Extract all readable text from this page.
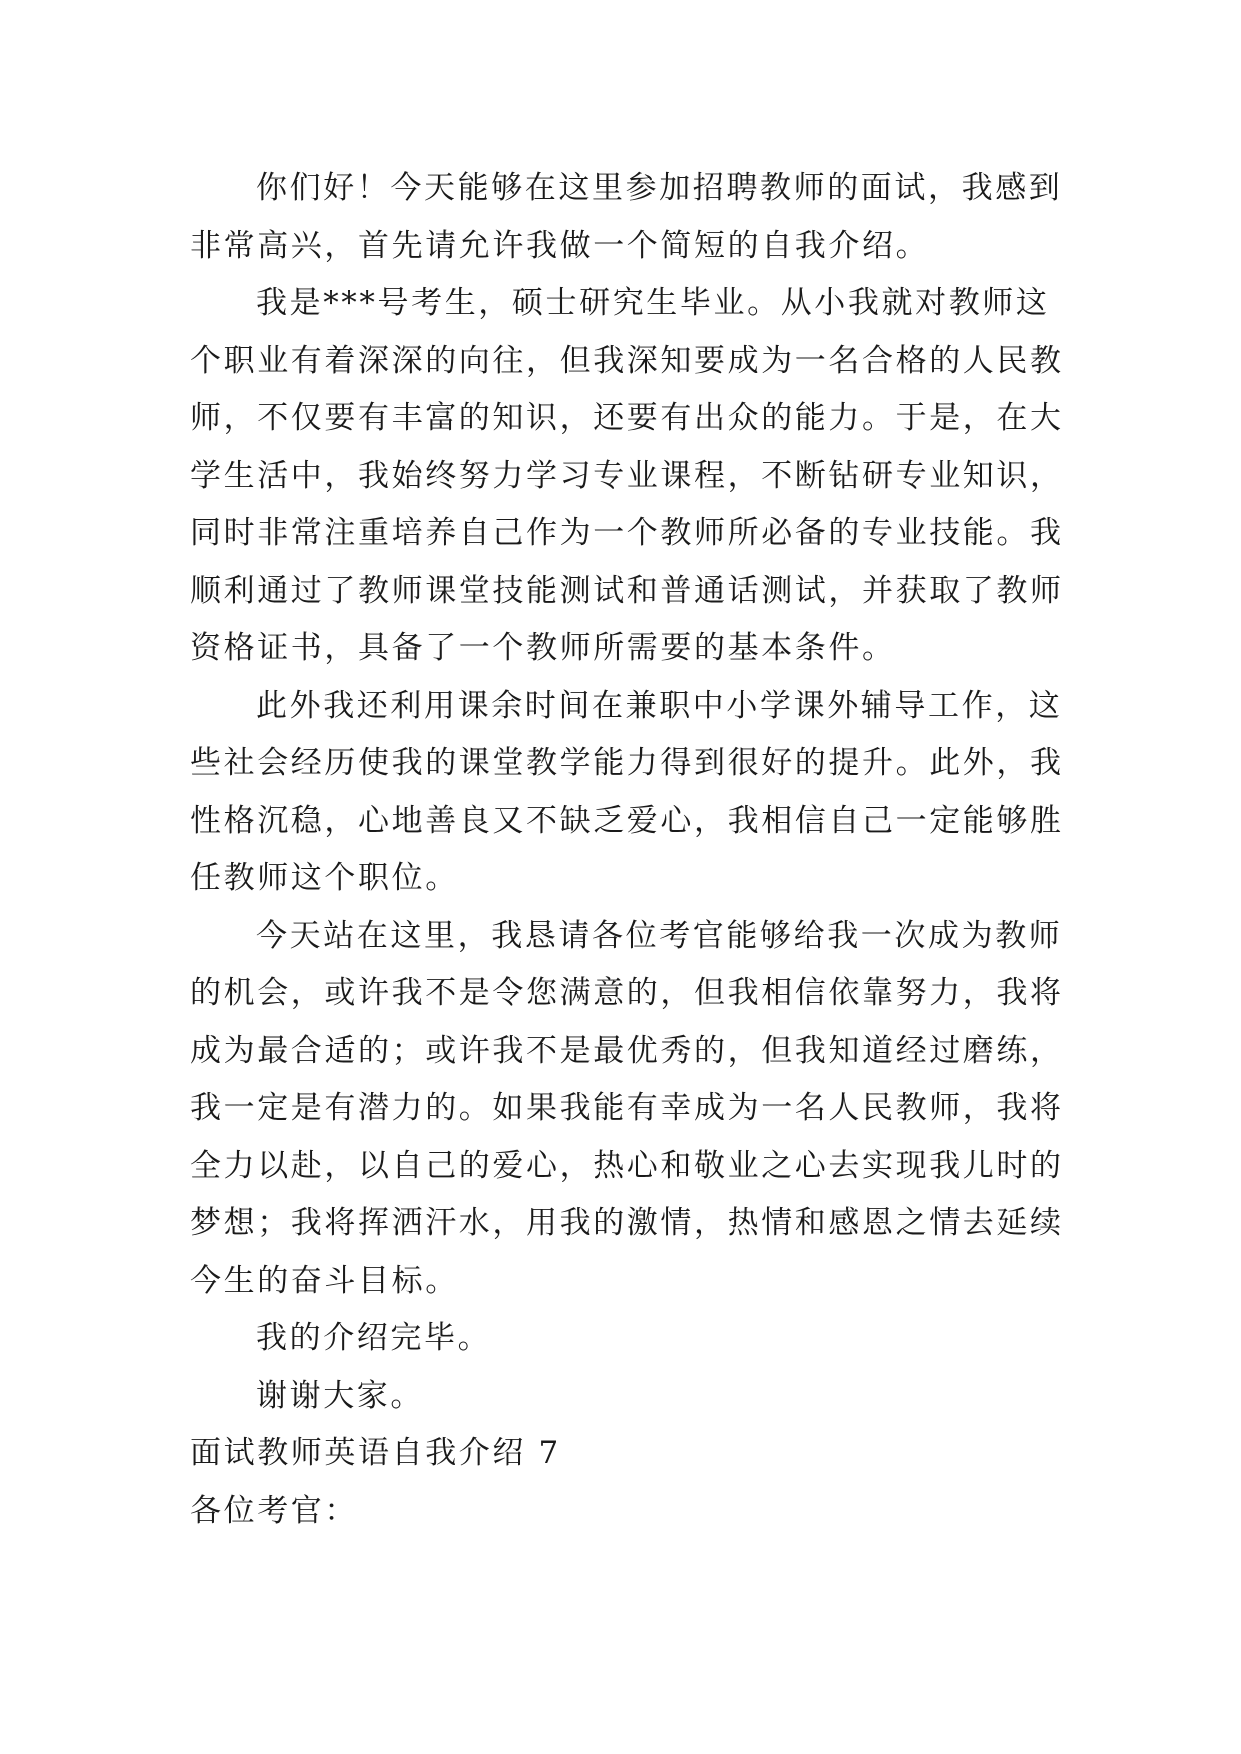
你们好！今天能够在这里参加招聘教师的面试，我感到

非常高兴，首先请允许我做一个简短的自我介绍。

我是***号考生，硕士研究生毕业。从小我就对教师这

个职业有着深深的向往，但我深知要成为一名合格的人民教

师，不仅要有丰富的知识，还要有出众的能力。于是，在大

学生活中，我始终努力学习专业课程，不断钻研专业知识，

同时非常注重培养自己作为一个教师所必备的专业技能。我

顺利通过了教师课堂技能测试和普通话测试，并获取了教师

资格证书，具备了一个教师所需要的基本条件。

此外我还利用课余时间在兼职中小学课外辅导工作，这

些社会经历使我的课堂教学能力得到很好的提升。此外，我

性格沉稳，心地善良又不缺乏爱心，我相信自己一定能够胜

任教师这个职位。

今天站在这里，我恳请各位考官能够给我一次成为教师

的机会，或许我不是令您满意的，但我相信依靠努力，我将

成为最合适的；或许我不是最优秀的，但我知道经过磨练，

我一定是有潜力的。如果我能有幸成为一名人民教师，我将

全力以赴，以自己的爱心，热心和敬业之心去实现我儿时的

梦想；我将挥洒汗水，用我的激情，热情和感恩之情去延续

今生的奋斗目标。

我的介绍完毕。

谢谢大家。

面试教师英语自我介绍 7

各位考官：
